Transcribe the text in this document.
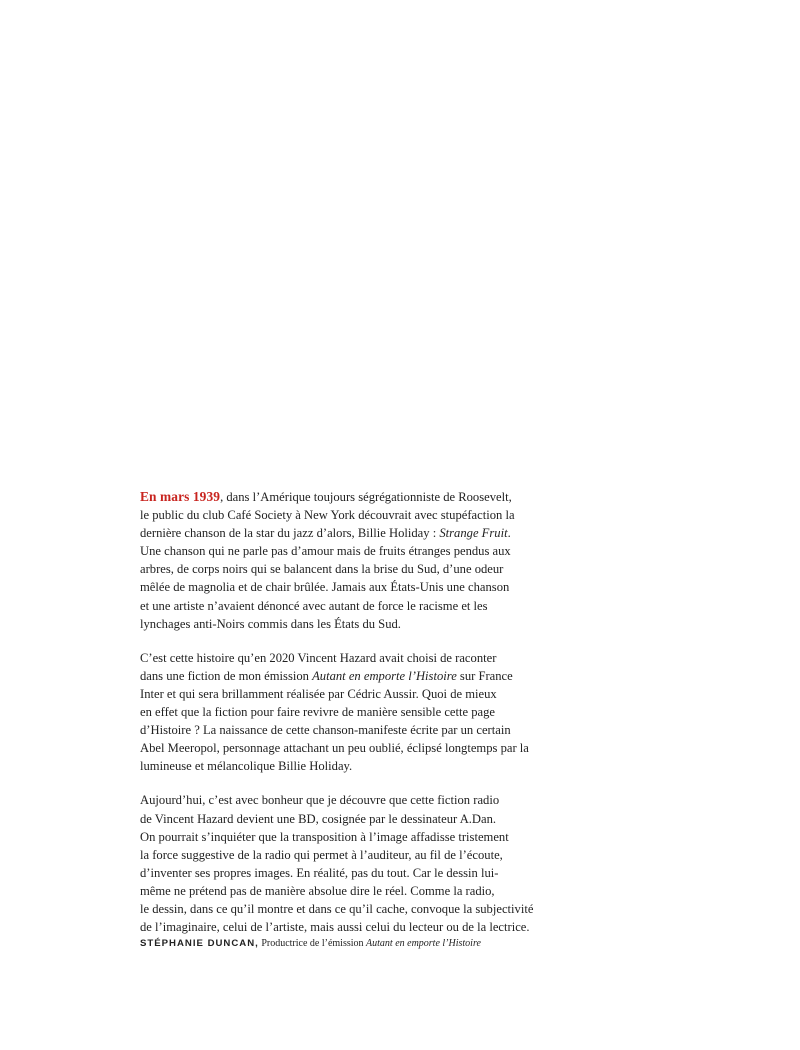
En mars 1939, dans l’Amérique toujours ségrégationniste de Roosevelt,
le public du club Café Society à New York découvrait avec stupéfaction la
dernière chanson de la star du jazz d’alors, Billie Holiday : Strange Fruit.
Une chanson qui ne parle pas d’amour mais de fruits étranges pendus aux
arbres, de corps noirs qui se balancent dans la brise du Sud, d’une odeur
mêlée de magnolia et de chair brûlée. Jamais aux États-Unis une chanson
et une artiste n’avaient dénoncé avec autant de force le racisme et les
lynchages anti-Noirs commis dans les États du Sud.

C’est cette histoire qu’en 2020 Vincent Hazard avait choisi de raconter
dans une fiction de mon émission Autant en emporte l’Histoire sur France
Inter et qui sera brillamment réalisée par Cédric Aussir. Quoi de mieux
en effet que la fiction pour faire revivre de manière sensible cette page
d’Histoire ? La naissance de cette chanson-manifeste écrite par un certain
Abel Meeropol, personnage attachant un peu oublié, éclipsé longtemps par la
lumineuse et mélancolique Billie Holiday.

Aujourd’hui, c’est avec bonheur que je découvre que cette fiction radio
de Vincent Hazard devient une BD, cosignée par le dessinateur A.Dan.
On pourrait s’inquiéter que la transposition à l’image affadisse tristement
la force suggestive de la radio qui permet à l’auditeur, au fil de l’écoute,
d’inventer ses propres images. En réalité, pas du tout. Car le dessin lui-
même ne prétend pas de manière absolue dire le réel. Comme la radio,
le dessin, dans ce qu’il montre et dans ce qu’il cache, convoque la subjectivité
de l’imaginaire, celui de l’artiste, mais aussi celui du lecteur ou de la lectrice.

STÉPHANIE DUNCAN, Productrice de l’émission Autant en emporte l’Histoire
